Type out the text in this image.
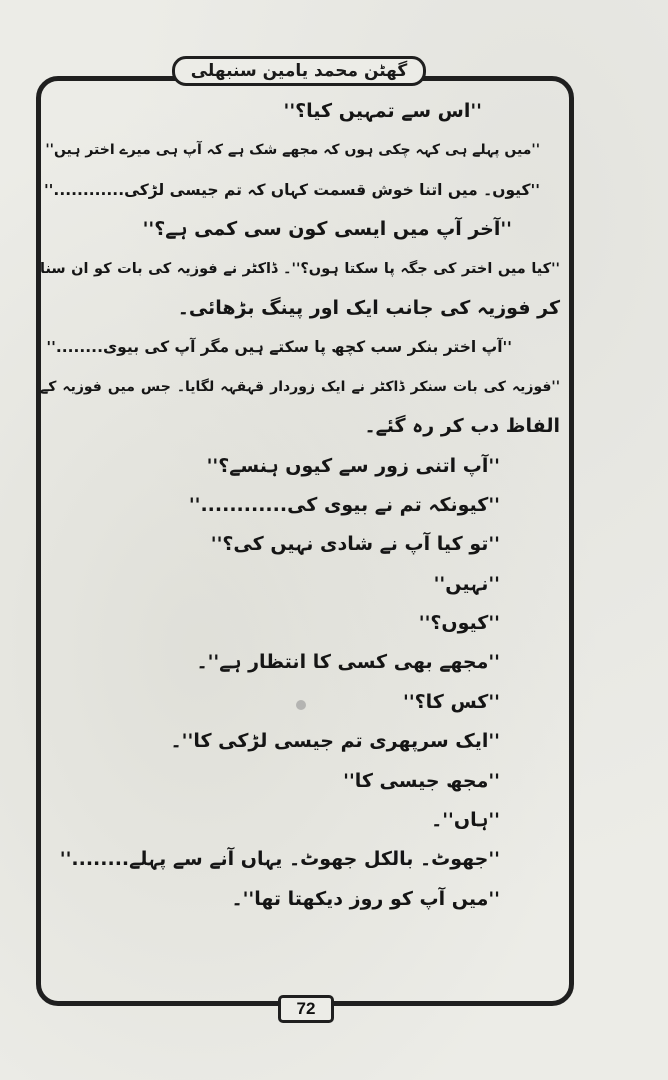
گھٹن محمد یامین سنبھلی
''اس سے تمہیں کیا؟''
''میں پہلے ہی کہہ چکی ہوں کہ مجھے شک ہے کہ آپ ہی میرے اختر ہیں''
''کیوں۔ میں اتنا خوش قسمت کہاں کہ تم جیسی لڑکی............''
''آخر آپ میں ایسی کون سی کمی ہے؟''
''کیا میں اختر کی جگہ پا سکتا ہوں؟''۔ ڈاکٹر نے فوزیہ کی بات کو ان سنا
کر فوزیہ کی جانب ایک اور پینگ بڑھائی۔
''آپ اختر بنکر سب کچھ پا سکتے ہیں مگر آپ کی بیوی........''
''فوزیہ کی بات سنکر ڈاکٹر نے ایک زوردار قہقہہ لگایا۔ جس میں فوزیہ کے
الفاظ دب کر رہ گئے۔
''آپ اتنی زور سے کیوں ہنسے؟''
''کیونکہ تم نے بیوی کی............''
''تو کیا آپ نے شادی نہیں کی؟''
''نہیں''
''کیوں؟''
''مجھے بھی کسی کا انتظار ہے''۔
''کس کا؟''
''ایک سرپھری تم جیسی لڑکی کا''۔
''مجھ جیسی کا''
''ہاں''۔
''جھوٹ۔ بالکل جھوٹ۔ یہاں آنے سے پہلے........''
''میں آپ کو روز دیکھتا تھا''۔
72
